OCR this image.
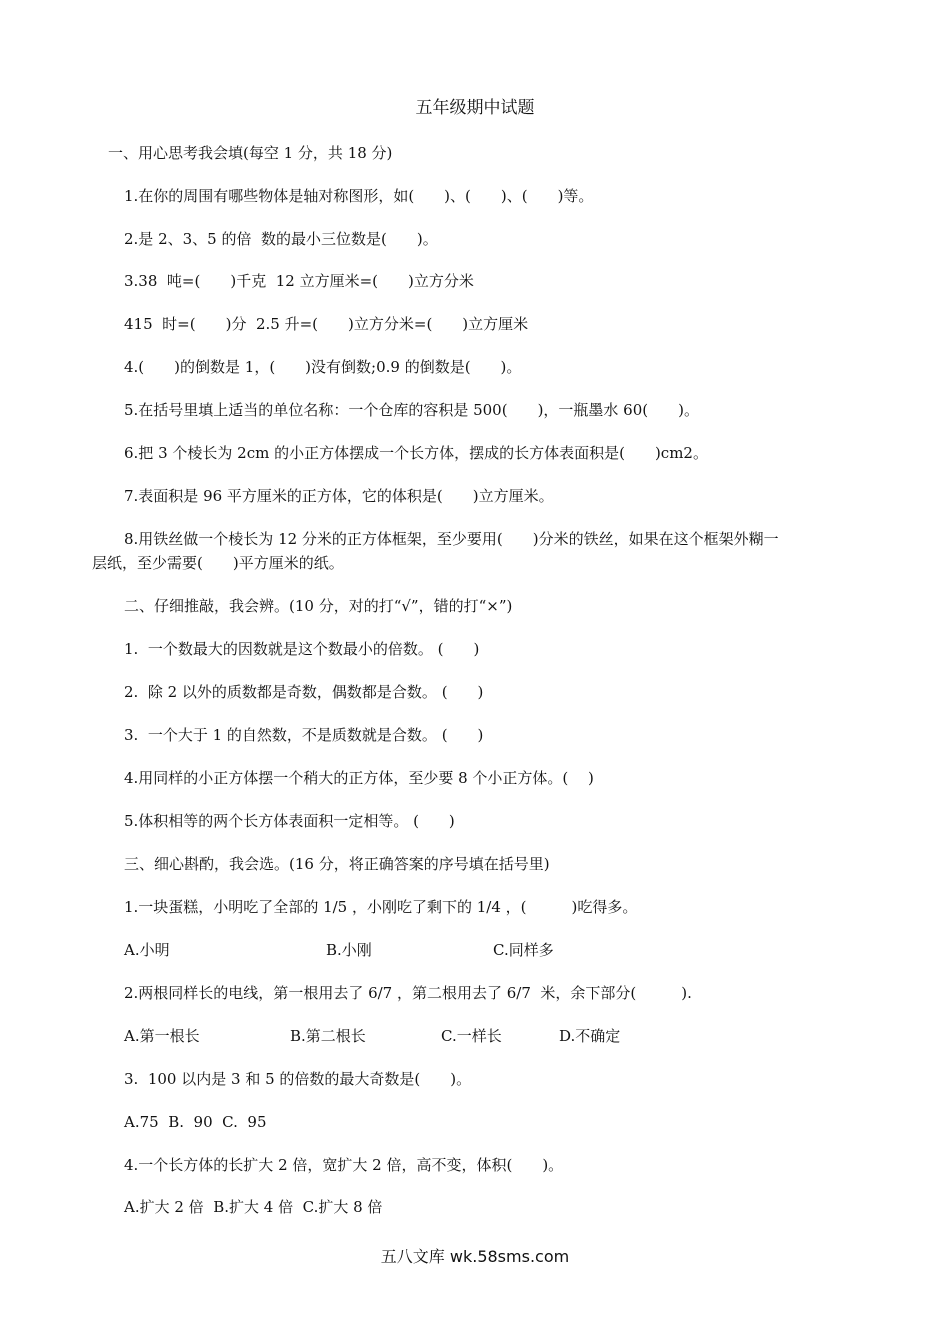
五年级期中试题
一、用心思考我会填(每空 1 分，共 18 分)
1.在你的周围有哪些物体是轴对称图形，如(　　)、(　　)、(　　)等。
2.是 2、3、5 的倍  数的最小三位数是(　　)。
3.38  吨=(　　)千克  12 立方厘米=(　　)立方分米
415  时=(　　)分  2.5 升=(　　)立方分米=(　　)立方厘米
4.(　　)的倒数是 1，(　　)没有倒数;0.9 的倒数是(　　)。
5.在括号里填上适当的单位名称：一个仓库的容积是 500(　　)，一瓶墨水 60(　　)。
6.把 3 个棱长为 2cm 的小正方体摆成一个长方体，摆成的长方体表面积是(　　)cm2。
7.表面积是 96 平方厘米的正方体，它的体积是(　　)立方厘米。
8.用铁丝做一个棱长为 12 分米的正方体框架，至少要用(　　)分米的铁丝，如果在这个框架外糊一
层纸，至少需要(　　)平方厘米的纸。
二、仔细推敲，我会辨。(10 分，对的打“√”，错的打“×”)
1.  一个数最大的因数就是这个数最小的倍数。 (　　)
2.  除 2 以外的质数都是奇数，偶数都是合数。 (　　)
3.  一个大于 1 的自然数，不是质数就是合数。 (　　)
4.用同样的小正方体摆一个稍大的正方体，至少要 8 个小正方体。(　 )
5.体积相等的两个长方体表面积一定相等。 (　　)
三、细心斟酌，我会选。(16 分，将正确答案的序号填在括号里)
1.一块蛋糕，小明吃了全部的 1/5 ，小刚吃了剩下的 1/4 ，(　　　)吃得多。

A.小明

	B.小刚

	C.同样多

2.两根同样长的电线，第一根用去了 6/7 ，第二根用去了 6/7  米，余下部分(　　　).

A.第一根长

	B.第二根长

	C.一样长

	D.不确定

3.  100 以内是 3 和 5 的倍数的最大奇数是(　　)。
A.75  B.  90  C.  95
4.一个长方体的长扩大 2 倍，宽扩大 2 倍，高不变，体积(　　)。
A.扩大 2 倍  B.扩大 4 倍  C.扩大 8 倍
五八文库 wk.58sms.com
